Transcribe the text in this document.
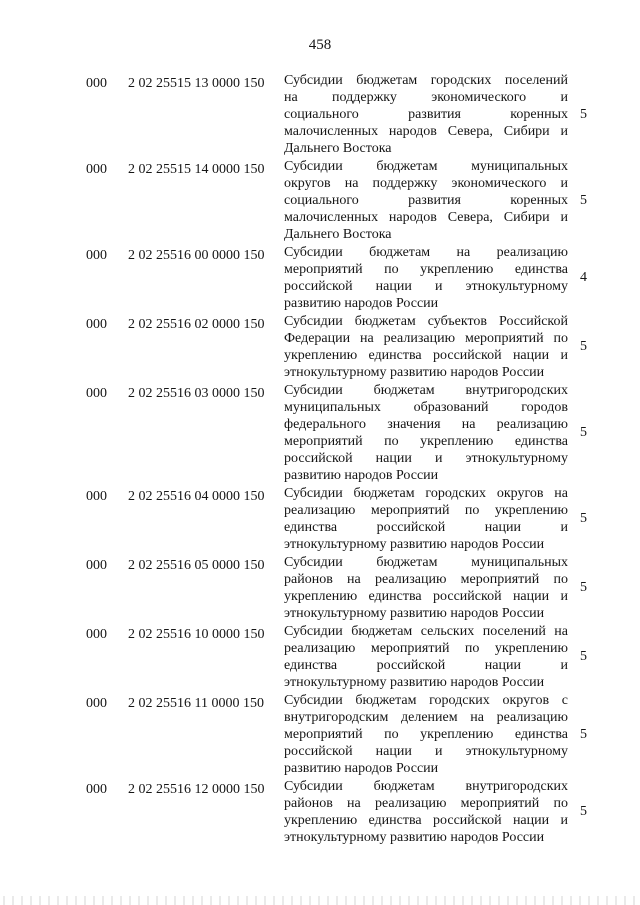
458
000 2 02 25515 13 0000 150 Субсидии бюджетам городских поселений
на поддержку экономического и
социального развития коренных
малочисленных народов Севера, Сибири и
Дальнего Востока
5
000 2 02 25515 14 0000 150 Субсидии бюджетам муниципальных
округов на поддержку экономического и
социального развития коренных
малочисленных народов Севера, Сибири и
Дальнего Востока
5
000 2 02 25516 00 0000 150 Субсидии бюджетам на реализацию
мероприятий по укреплению единства
российской нации и этнокультурному
развитию народов России
4
000 2 02 25516 02 0000 150 Субсидии бюджетам субъектов Российской
Федерации на реализацию мероприятий по
укреплению единства российской нации и
этнокультурному развитию народов России
5
000 2 02 25516 03 0000 150 Субсидии бюджетам внутригородских
муниципальных образований городов
федерального значения на реализацию
мероприятий по укреплению единства
российской нации и этнокультурному
развитию народов России
5
000 2 02 25516 04 0000 150 Субсидии бюджетам городских округов на
реализацию мероприятий по укреплению
единства российской нации и
этнокультурному развитию народов России
5
000 2 02 25516 05 0000 150 Субсидии бюджетам муниципальных
районов на реализацию мероприятий по
укреплению единства российской нации и
этнокультурному развитию народов России
5
000 2 02 25516 10 0000 150 Субсидии бюджетам сельских поселений на
реализацию мероприятий по укреплению
единства российской нации и
этнокультурному развитию народов России
5
000 2 02 25516 11 0000 150 Субсидии бюджетам городских округов с
внутригородским делением на реализацию
мероприятий по укреплению единства
российской нации и этнокультурному
развитию народов России
5
000 2 02 25516 12 0000 150 Субсидии бюджетам внутригородских
районов на реализацию мероприятий по
укреплению единства российской нации и
этнокультурному развитию народов России
5
